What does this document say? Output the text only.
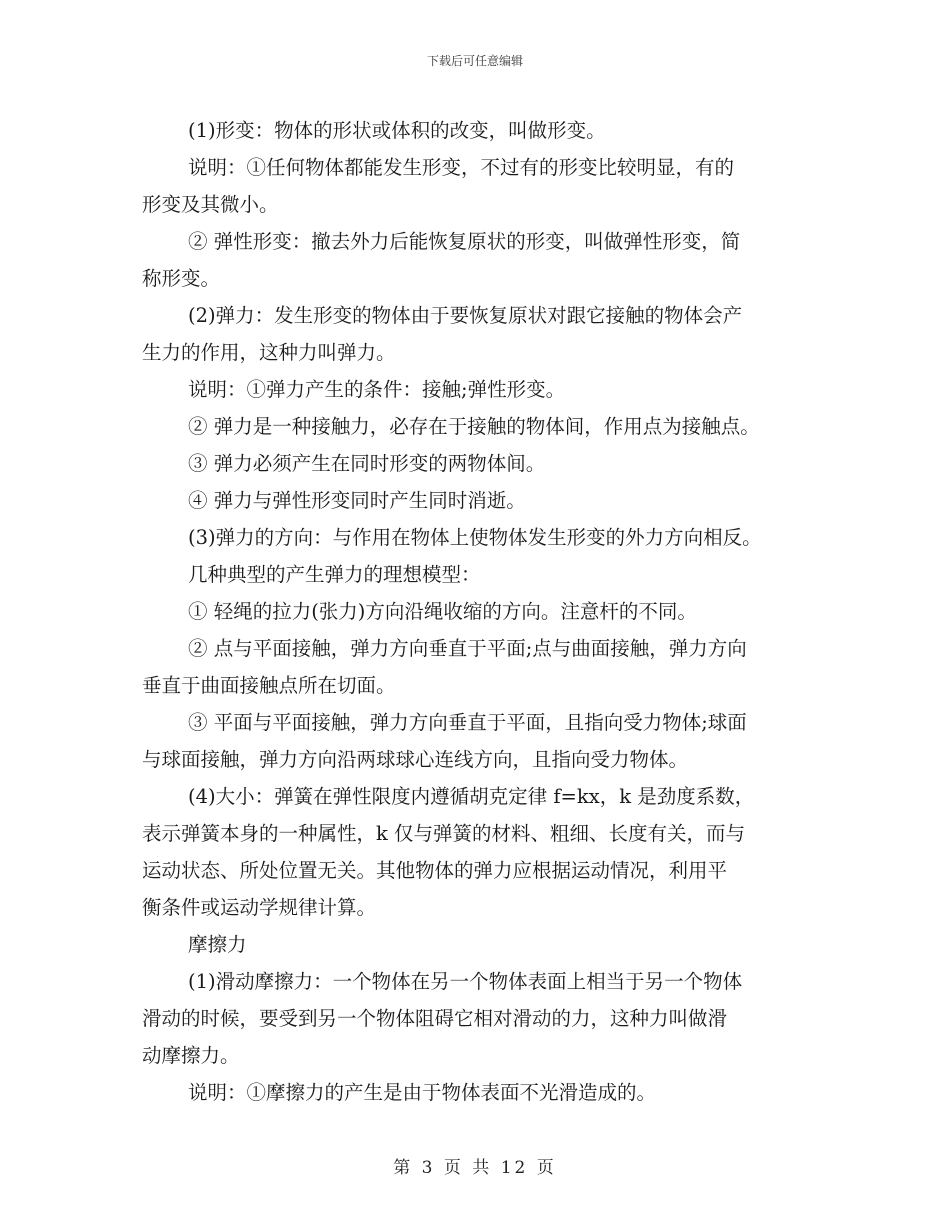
下载后可任意编辑

(1)形变：物体的形状或体积的改变，叫做形变。

说明：①任何物体都能发生形变，不过有的形变比较明显，有的
形变及其微小。

② 弹性形变：撤去外力后能恢复原状的形变，叫做弹性形变，简
称形变。

(2)弹力：发生形变的物体由于要恢复原状对跟它接触的物体会产
生力的作用，这种力叫弹力。

说明：①弹力产生的条件：接触;弹性形变。

② 弹力是一种接触力，必存在于接触的物体间，作用点为接触点。

③ 弹力必须产生在同时形变的两物体间。

④ 弹力与弹性形变同时产生同时消逝。

(3)弹力的方向：与作用在物体上使物体发生形变的外力方向相反。

几种典型的产生弹力的理想模型：

① 轻绳的拉力(张力)方向沿绳收缩的方向。注意杆的不同。

② 点与平面接触，弹力方向垂直于平面;点与曲面接触，弹力方向
垂直于曲面接触点所在切面。

③ 平面与平面接触，弹力方向垂直于平面，且指向受力物体;球面
与球面接触，弹力方向沿两球球心连线方向，且指向受力物体。

(4)大小：弹簧在弹性限度内遵循胡克定律 f=kx，k 是劲度系数，
表示弹簧本身的一种属性，k 仅与弹簧的材料、粗细、长度有关，而与
运动状态、所处位置无关。其他物体的弹力应根据运动情况，利用平
衡条件或运动学规律计算。

摩擦力

(1)滑动摩擦力：一个物体在另一个物体表面上相当于另一个物体
滑动的时候，要受到另一个物体阻碍它相对滑动的力，这种力叫做滑
动摩擦力。

说明：①摩擦力的产生是由于物体表面不光滑造成的。

第 3 页 共 12 页
